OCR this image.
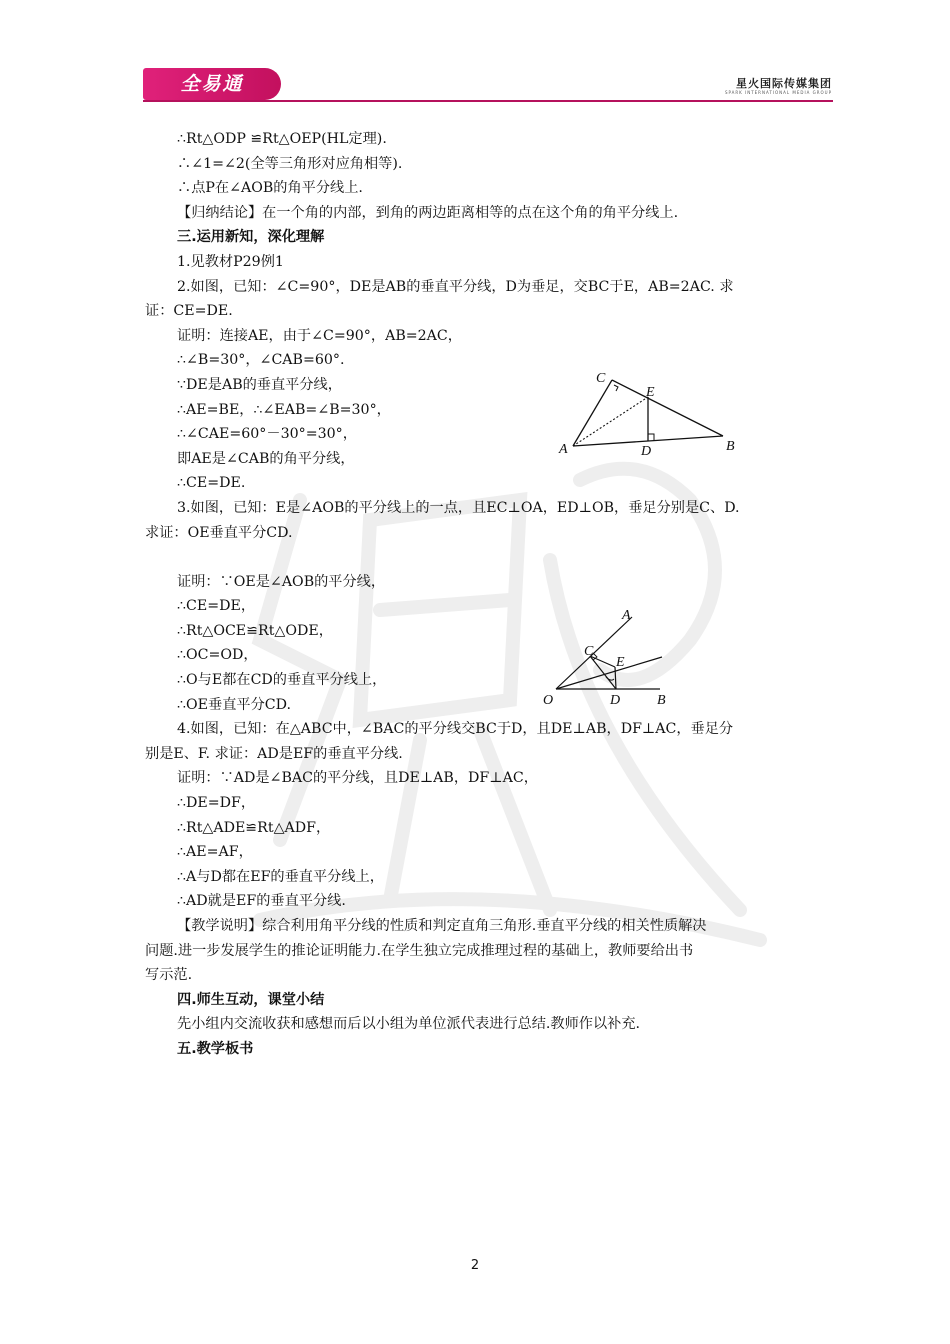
全易通	星火国际传媒集团
SPARK INTERNATIONAL MEDIA GROUP
∴Rt△ODP ≌Rt△OEP(HL定理).
∴∠1=∠2(全等三角形对应角相等).
∴点P在∠AOB的角平分线上.
【归纳结论】在一个角的内部，到角的两边距离相等的点在这个角的角平分线上.
三.运用新知，深化理解
1.见教材P29例1
2.如图，已知：∠C=90°，DE是AB的垂直平分线，D为垂足，交BC于E，AB=2AC. 求
证：CE=DE.
证明：连接AE，由于∠C=90°，AB=2AC，
∴∠B=30°，∠CAB=60°.
∵DE是AB的垂直平分线，
∴AE=BE，∴∠EAB=∠B=30°，
∴∠CAE=60°－30°=30°，
即AE是∠CAB的角平分线，
∴CE=DE.
3.如图，已知：E是∠AOB的平分线上的一点，且EC⊥OA，ED⊥OB，垂足分别是C、D.
求证：OE垂直平分CD.
证明：∵OE是∠AOB的平分线，
∴CE=DE，
∴Rt△OCE≌Rt△ODE，
∴OC=OD，
∴O与E都在CD的垂直平分线上，
∴OE垂直平分CD.
4.如图，已知：在△ABC中，∠BAC的平分线交BC于D，且DE⊥AB，DF⊥AC，垂足分
别是E、F. 求证：AD是EF的垂直平分线.
证明：∵AD是∠BAC的平分线，且DE⊥AB，DF⊥AC，
∴DE=DF，
∴Rt△ADE≌Rt△ADF，
∴AE=AF，
∴A与D都在EF的垂直平分线上，
∴AD就是EF的垂直平分线.
【教学说明】综合利用角平分线的性质和判定直角三角形.垂直平分线的相关性质解决
问题.进一步发展学生的推论证明能力.在学生独立完成推理过程的基础上，教师要给出书
写示范.
四.师生互动，课堂小结
先小组内交流收获和感想而后以小组为单位派代表进行总结.教师作以补充.
五.教学板书
A	B
C
E
D
A
C
E
O	D	B
2
